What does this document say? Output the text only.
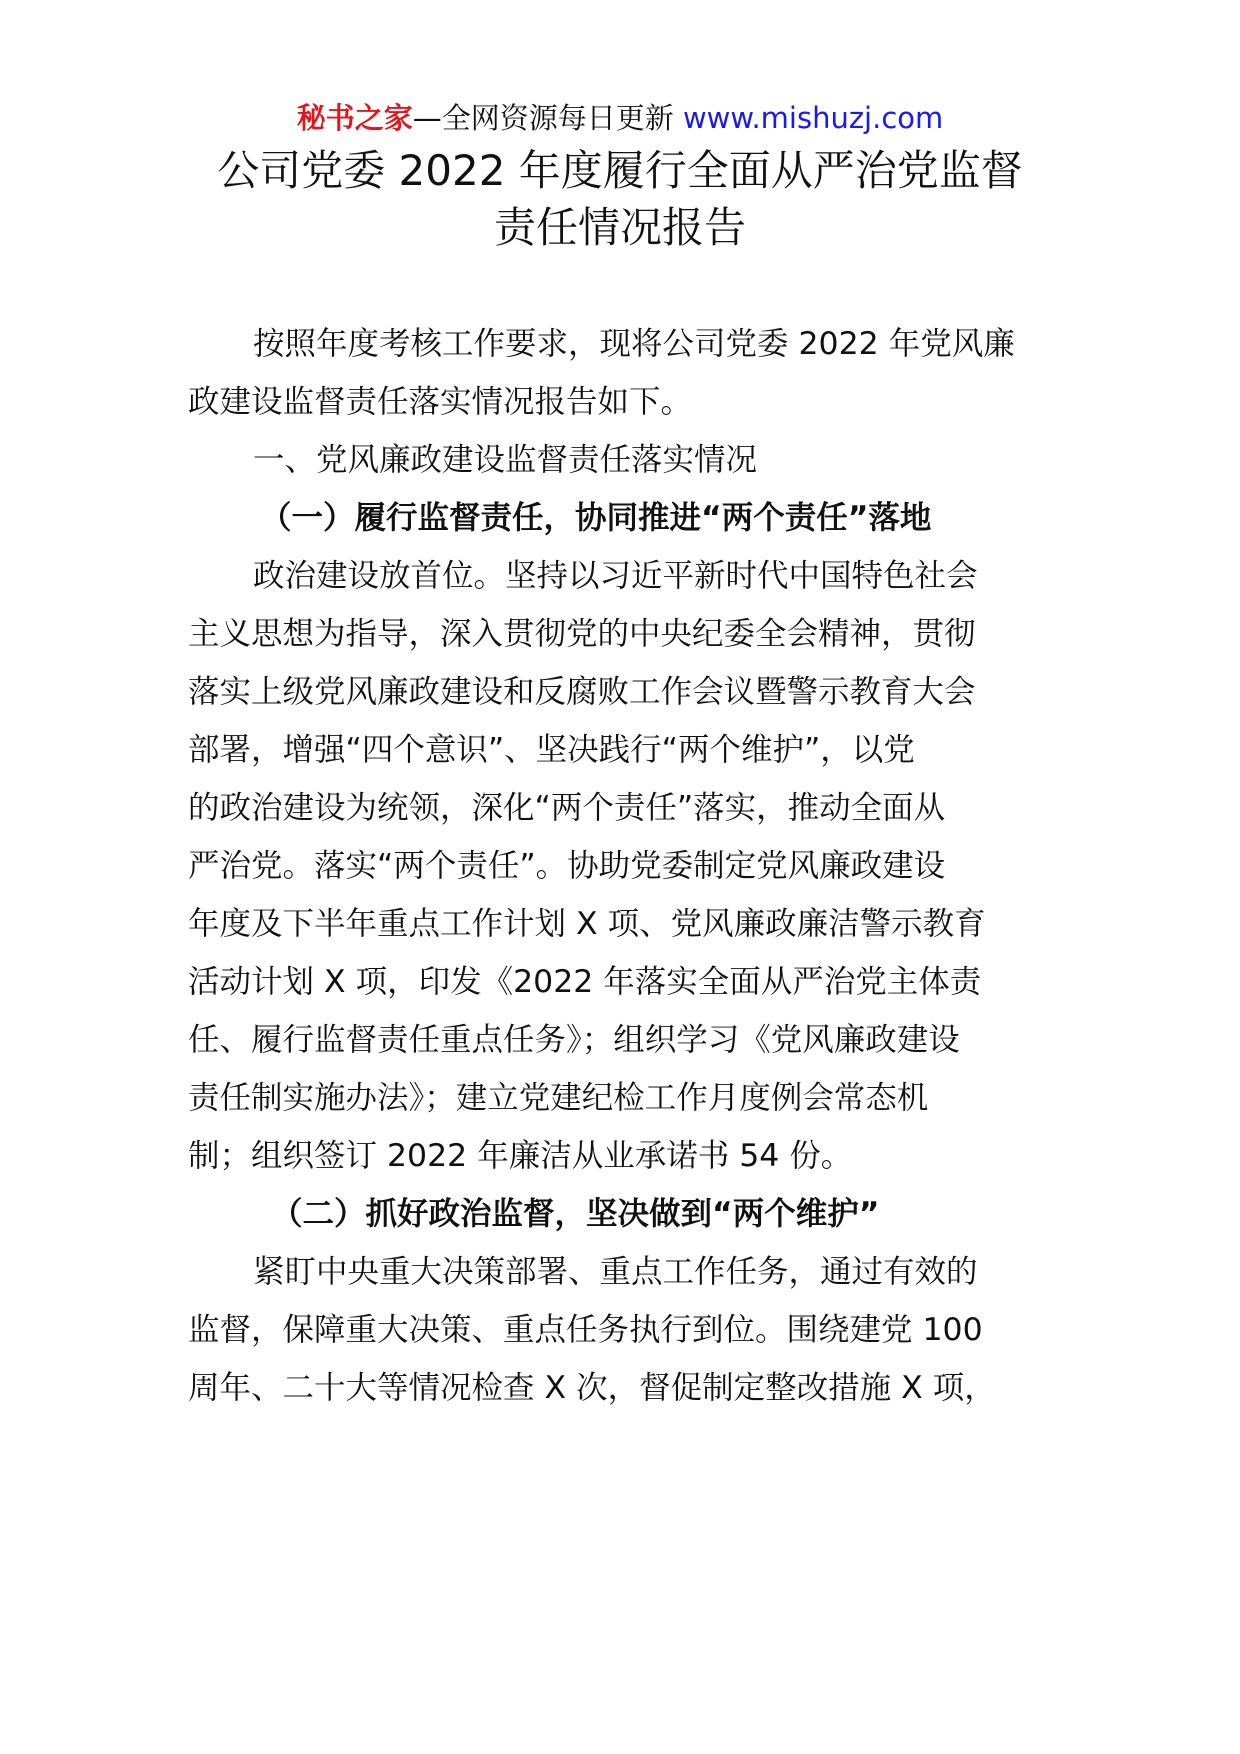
秘书之家—全网资源每日更新 www.mishuzj.com
公司党委 2022 年度履行全面从严治党监督
责任情况报告
按照年度考核工作要求，现将公司党委 2022 年党风廉
政建设监督责任落实情况报告如下。
一、党风廉政建设监督责任落实情况
（一）履行监督责任，协同推进“两个责任”落地
政治建设放首位。坚持以习近平新时代中国特色社会
主义思想为指导，深入贯彻党的中央纪委全会精神，贯彻
落实上级党风廉政建设和反腐败工作会议暨警示教育大会
部署，增强“四个意识”、坚决践行“两个维护”，以党
的政治建设为统领，深化“两个责任”落实，推动全面从
严治党。落实“两个责任”。协助党委制定党风廉政建设
年度及下半年重点工作计划 X 项、党风廉政廉洁警示教育
活动计划 X 项，印发《2022 年落实全面从严治党主体责
任、履行监督责任重点任务》；组织学习《党风廉政建设
责任制实施办法》；建立党建纪检工作月度例会常态机
制；组织签订 2022 年廉洁从业承诺书 54 份。
（二）抓好政治监督，坚决做到“两个维护”
紧盯中央重大决策部署、重点工作任务，通过有效的
监督，保障重大决策、重点任务执行到位。围绕建党 100
周年、二十大等情况检查 X 次，督促制定整改措施 X 项，
